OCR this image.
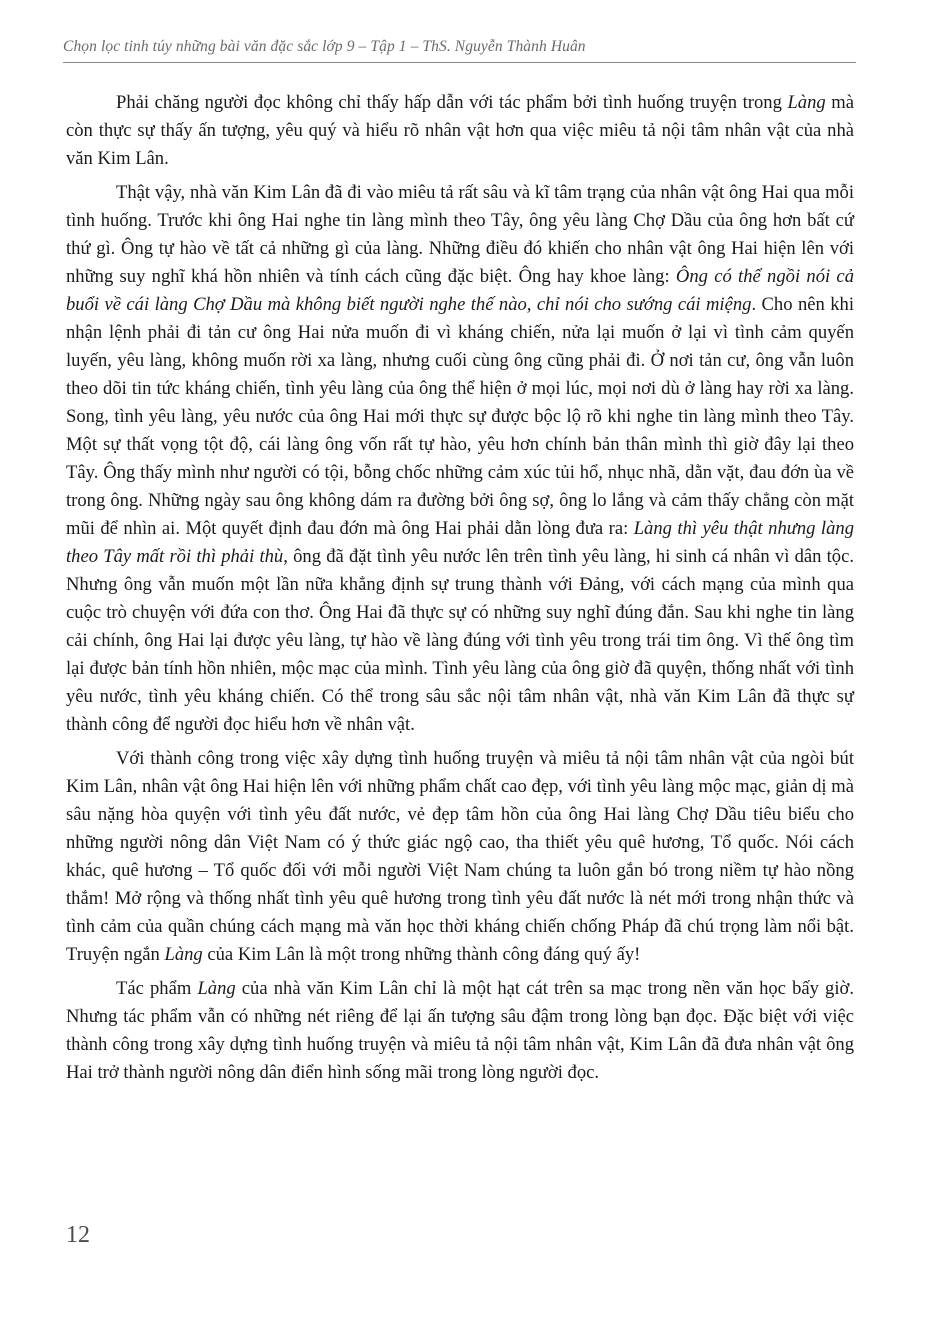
Chọn lọc tinh túy những bài văn đặc sắc lớp 9 – Tập 1 – ThS. Nguyễn Thành Huân

Phải chăng người đọc không chỉ thấy hấp dẫn với tác phẩm bởi tình huống truyện trong Làng mà còn thực sự thấy ấn tượng, yêu quý và hiểu rõ nhân vật hơn qua việc miêu tả nội tâm nhân vật của nhà văn Kim Lân.

Thật vậy, nhà văn Kim Lân đã đi vào miêu tả rất sâu và kĩ tâm trạng của nhân vật ông Hai qua mỗi tình huống. Trước khi ông Hai nghe tin làng mình theo Tây, ông yêu làng Chợ Dầu của ông hơn bất cứ thứ gì. Ông tự hào về tất cả những gì của làng. Những điều đó khiến cho nhân vật ông Hai hiện lên với những suy nghĩ khá hồn nhiên và tính cách cũng đặc biệt. Ông hay khoe làng: Ông có thể ngồi nói cả buổi về cái làng Chợ Dầu mà không biết người nghe thế nào, chỉ nói cho sướng cái miệng. Cho nên khi nhận lệnh phải đi tản cư ông Hai nửa muốn đi vì kháng chiến, nửa lại muốn ở lại vì tình cảm quyến luyến, yêu làng, không muốn rời xa làng, nhưng cuối cùng ông cũng phải đi. Ở nơi tản cư, ông vẫn luôn theo dõi tin tức kháng chiến, tình yêu làng của ông thể hiện ở mọi lúc, mọi nơi dù ở làng hay rời xa làng. Song, tình yêu làng, yêu nước của ông Hai mới thực sự được bộc lộ rõ khi nghe tin làng mình theo Tây. Một sự thất vọng tột độ, cái làng ông vốn rất tự hào, yêu hơn chính bản thân mình thì giờ đây lại theo Tây. Ông thấy mình như người có tội, bỗng chốc những cảm xúc tủi hổ, nhục nhã, dằn vặt, đau đớn ùa về trong ông. Những ngày sau ông không dám ra đường bởi ông sợ, ông lo lắng và cảm thấy chẳng còn mặt mũi để nhìn ai. Một quyết định đau đớn mà ông Hai phải dằn lòng đưa ra: Làng thì yêu thật nhưng làng theo Tây mất rồi thì phải thù, ông đã đặt tình yêu nước lên trên tình yêu làng, hi sinh cá nhân vì dân tộc. Nhưng ông vẫn muốn một lần nữa khẳng định sự trung thành với Đảng, với cách mạng của mình qua cuộc trò chuyện với đứa con thơ. Ông Hai đã thực sự có những suy nghĩ đúng đắn. Sau khi nghe tin làng cải chính, ông Hai lại được yêu làng, tự hào về làng đúng với tình yêu trong trái tim ông. Vì thế ông tìm lại được bản tính hồn nhiên, mộc mạc của mình. Tình yêu làng của ông giờ đã quyện, thống nhất với tình yêu nước, tình yêu kháng chiến. Có thể trong sâu sắc nội tâm nhân vật, nhà văn Kim Lân đã thực sự thành công để người đọc hiểu hơn về nhân vật.

Với thành công trong việc xây dựng tình huống truyện và miêu tả nội tâm nhân vật của ngòi bút Kim Lân, nhân vật ông Hai hiện lên với những phẩm chất cao đẹp, với tình yêu làng mộc mạc, giản dị mà sâu nặng hòa quyện với tình yêu đất nước, vẻ đẹp tâm hồn của ông Hai làng Chợ Dầu tiêu biểu cho những người nông dân Việt Nam có ý thức giác ngộ cao, tha thiết yêu quê hương, Tổ quốc. Nói cách khác, quê hương – Tổ quốc đối với mỗi người Việt Nam chúng ta luôn gắn bó trong niềm tự hào nồng thắm! Mở rộng và thống nhất tình yêu quê hương trong tình yêu đất nước là nét mới trong nhận thức và tình cảm của quần chúng cách mạng mà văn học thời kháng chiến chống Pháp đã chú trọng làm nổi bật. Truyện ngắn Làng của Kim Lân là một trong những thành công đáng quý ấy!

Tác phẩm Làng của nhà văn Kim Lân chỉ là một hạt cát trên sa mạc trong nền văn học bấy giờ. Nhưng tác phẩm vẫn có những nét riêng để lại ấn tượng sâu đậm trong lòng bạn đọc. Đặc biệt với việc thành công trong xây dựng tình huống truyện và miêu tả nội tâm nhân vật, Kim Lân đã đưa nhân vật ông Hai trở thành người nông dân điển hình sống mãi trong lòng người đọc.

12
